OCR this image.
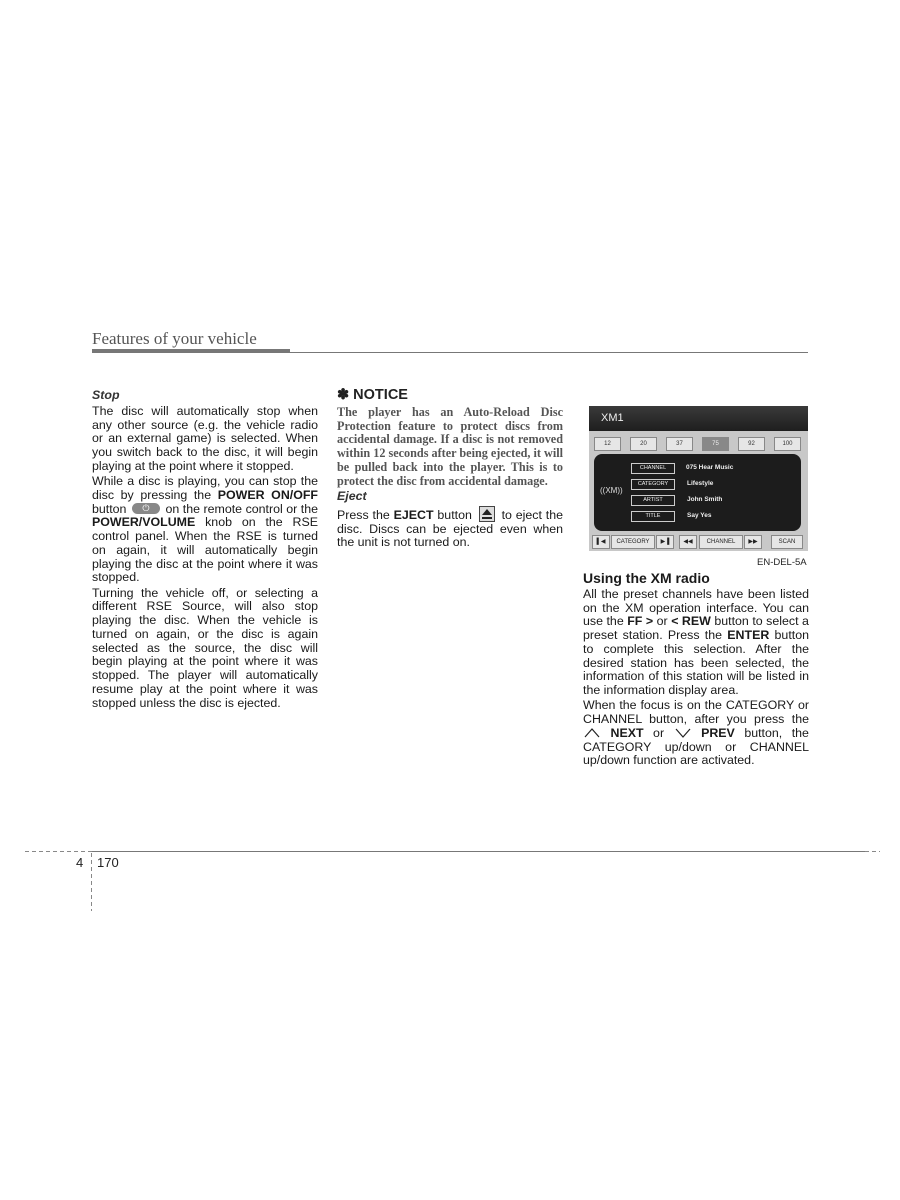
Features of your vehicle
Stop

The disc will automatically stop when any other source (e.g. the vehicle radio or an external game) is selected. When you switch back to the disc, it will begin playing at the point where it stopped.

While a disc is playing, you can stop the disc by pressing the POWER ON/OFF button	⏻	on the remote control or the POWER/VOLUME knob on the RSE control panel. When the RSE is turned on again, it will automatically begin playing the disc at the point where it was stopped.

Turning the vehicle off, or selecting a different RSE Source, will also stop playing the disc. When the vehicle is turned on again, or the disc is again selected as the source, the disc will begin playing at the point where it was stopped. The player will automatically resume play at the point where it was stopped unless the disc is ejected.

✽ NOTICE

The player has an Auto-Reload Disc Protection feature to protect discs from accidental damage. If a disc is not removed within 12 seconds after being ejected, it will be pulled back into the player. This is to protect the disc from accidental damage.

Eject

Press the EJECT button to eject the disc. Discs can be ejected even when the unit is not turned on.

XM1
12	20	37	75	92	100
((XM))
CHANNEL
CATEGORY
ARTIST
TITLE
075 Hear Music
Lifestyle
John Smith
Say Yes
▌◀	CATEGORY	▶▐	◀◀	CHANNEL	▶▶	SCAN
EN-DEL-5A
Using the XM radio

All the preset channels have been listed on the XM operation interface. You can use the FF > or < REW button to select a preset station. Press the ENTER button to complete this selection. After the desired station has been selected, the information of this station will be listed in the information display area.

When the focus is on the CATEGORY or CHANNEL button, after you press the  NEXT or	PREV button, the CATEGORY up/down or CHANNEL up/down function are activated.

4 170
